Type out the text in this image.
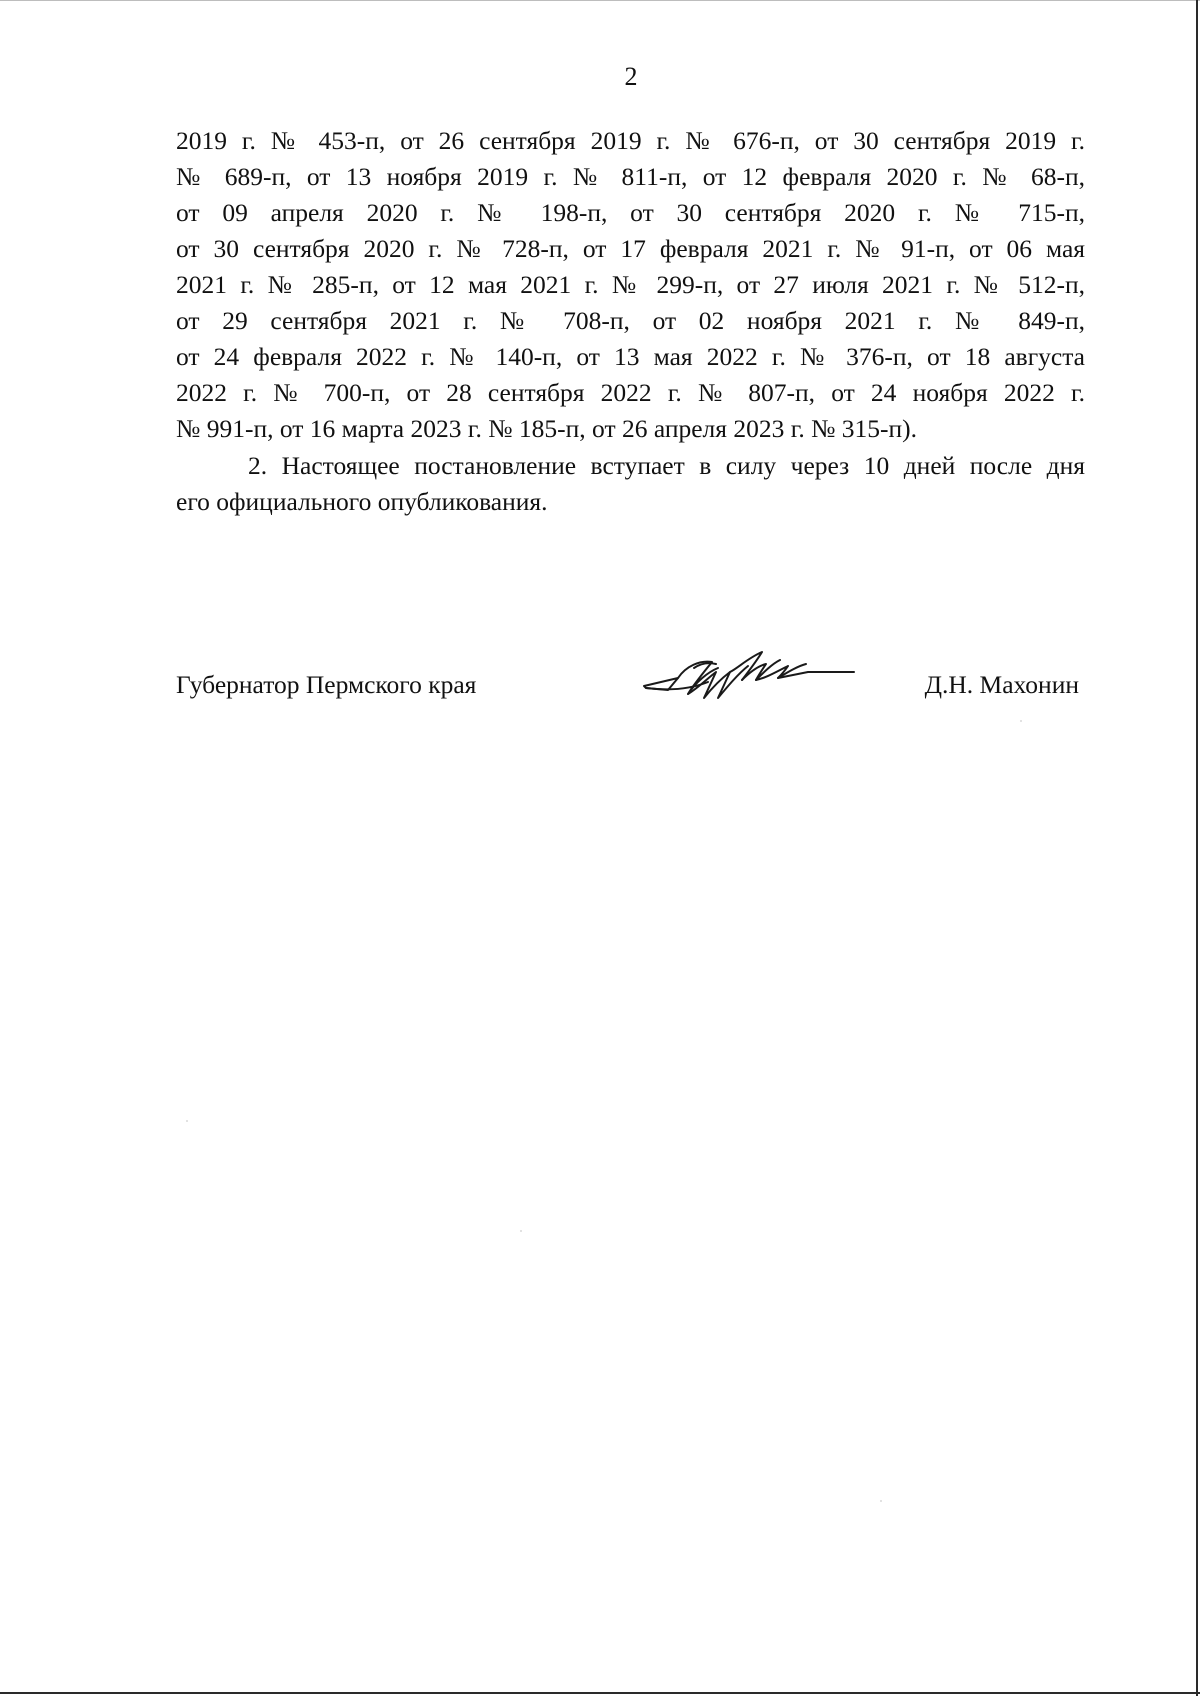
2
2019 г. № 453-п, от 26 сентября 2019 г. № 676-п, от 30 сентября 2019 г.
№ 689-п, от 13 ноября 2019 г. № 811-п, от 12 февраля 2020 г. № 68-п,
от 09 апреля 2020 г. № 198-п, от 30 сентября 2020 г. № 715-п,
от 30 сентября 2020 г. № 728-п, от 17 февраля 2021 г. № 91-п, от 06 мая
2021 г. № 285-п, от 12 мая 2021 г. № 299-п, от 27 июля 2021 г. № 512-п,
от 29 сентября 2021 г. № 708-п, от 02 ноября 2021 г. № 849-п,
от 24 февраля 2022 г. № 140-п, от 13 мая 2022 г. № 376-п, от 18 августа
2022 г. № 700-п, от 28 сентября 2022 г. № 807-п, от 24 ноября 2022 г.
№ 991-п, от 16 марта 2023 г. № 185-п, от 26 апреля 2023 г. № 315-п).
2. Настоящее постановление вступает в силу через 10 дней после дня
его официального опубликования.
Губернатор Пермского края	Д.Н. Махонин
